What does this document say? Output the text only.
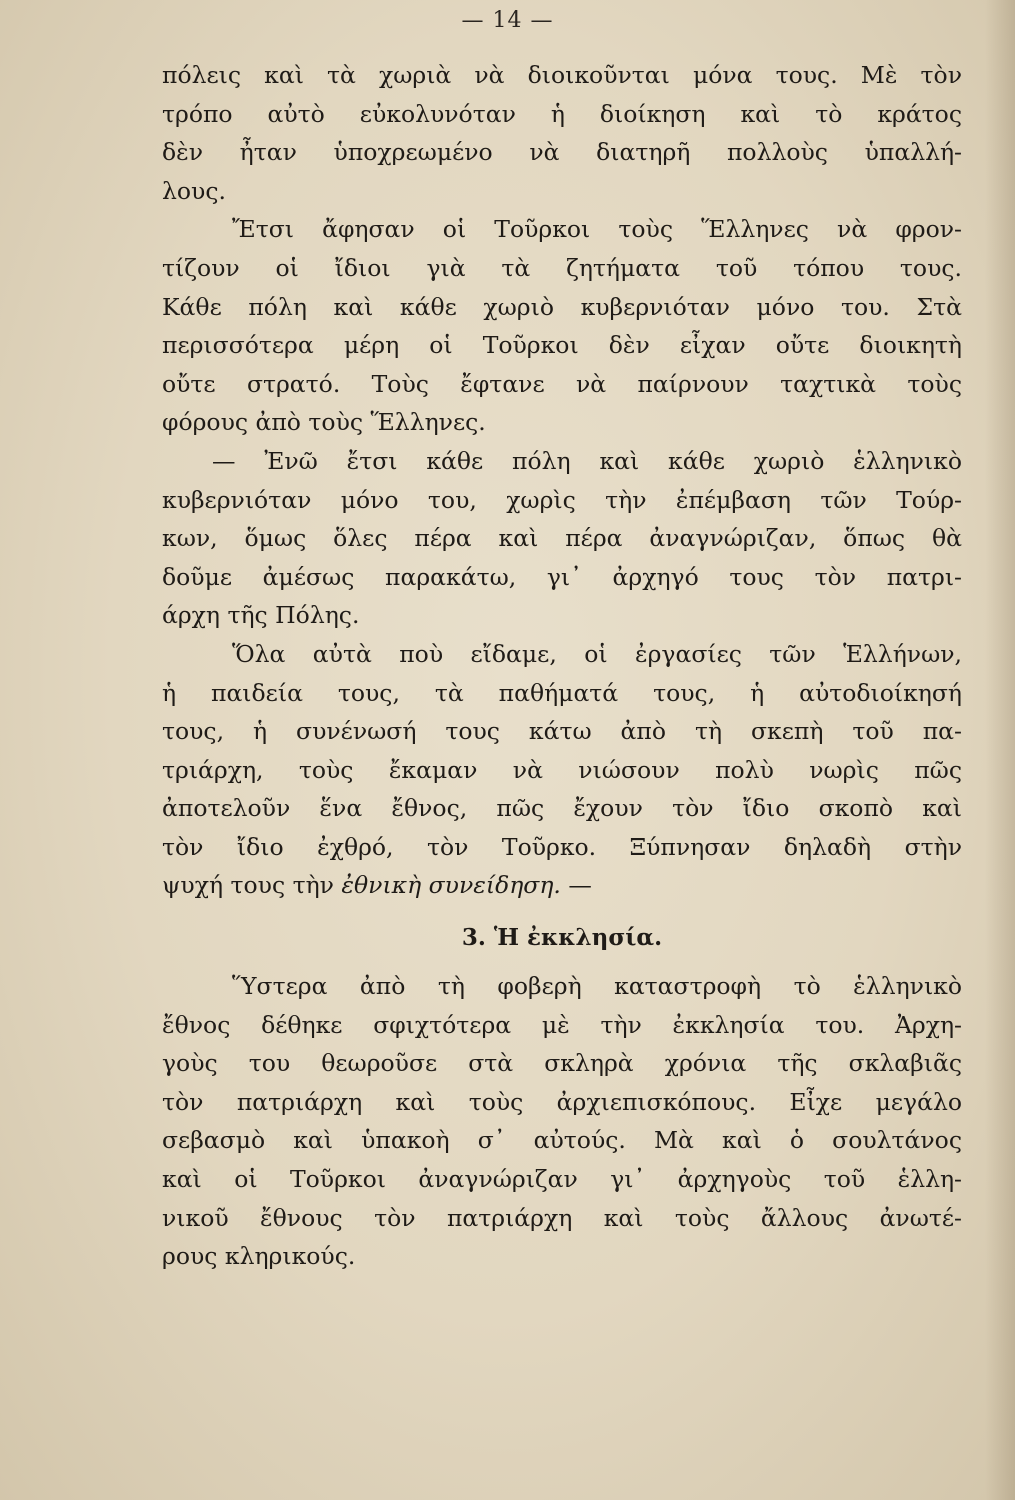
— 14 —
πόλεις καὶ τὰ χωριὰ νὰ διοικοῦνται μόνα τους. Μὲ τὸν
τρόπο αὐτὸ εὐκολυνόταν ἡ διοίκηση καὶ τὸ κράτος
δὲν ἦταν ὑποχρεωμένο νὰ διατηρῆ πολλοὺς ὑπαλλή-
λους.
Ἔτσι ἄφησαν οἱ Τοῦρκοι τοὺς Ἕλληνες νὰ φρον-
τίζουν οἱ ἴδιοι γιὰ τὰ ζητήματα τοῦ τόπου τους.
Κάθε πόλη καὶ κάθε χωριὸ κυβερνιόταν μόνο του. Στὰ
περισσότερα μέρη οἱ Τοῦρκοι δὲν εἶχαν οὔτε διοικητὴ
οὔτε στρατό. Τοὺς ἔφτανε νὰ παίρνουν ταχτικὰ τοὺς
φόρους ἀπὸ τοὺς Ἕλληνες.
— Ἐνῶ ἔτσι κάθε πόλη καὶ κάθε χωριὸ ἑλληνικὸ
κυβερνιόταν μόνο του, χωρὶς τὴν ἐπέμβαση τῶν Τούρ-
κων, ὅμως ὅλες πέρα καὶ πέρα ἀναγνώριζαν, ὅπως θὰ
δοῦμε ἀμέσως παρακάτω, γι᾽ ἀρχηγό τους τὸν πατρι-
άρχη τῆς Πόλης.
Ὅλα αὐτὰ ποὺ εἴδαμε, οἱ ἐργασίες τῶν Ἑλλήνων,
ἡ παιδεία τους, τὰ παθήματά τους, ἡ αὐτοδιοίκησή
τους, ἡ συνένωσή τους κάτω ἀπὸ τὴ σκεπὴ τοῦ πα-
τριάρχη, τοὺς ἔκαμαν νὰ νιώσουν πολὺ νωρὶς πῶς
ἀποτελοῦν ἕνα ἔθνος, πῶς ἔχουν τὸν ἴδιο σκοπὸ καὶ
τὸν ἴδιο ἐχθρό, τὸν Τοῦρκο. Ξύπνησαν δηλαδὴ στὴν
ψυχή τους τὴν ἐθνικὴ συνείδηση. —
3. Ἡ ἐκκλησία.
Ὕστερα ἀπὸ τὴ φοβερὴ καταστροφὴ τὸ ἑλληνικὸ
ἔθνος δέθηκε σφιχτότερα μὲ τὴν ἐκκλησία του. Ἀρχη-
γοὺς του θεωροῦσε στὰ σκληρὰ χρόνια τῆς σκλαβιᾶς
τὸν πατριάρχη καὶ τοὺς ἀρχιεπισκόπους. Εἶχε μεγάλο
σεβασμὸ καὶ ὑπακοὴ σ᾽ αὐτούς. Μὰ καὶ ὁ σουλτάνος
καὶ οἱ Τοῦρκοι ἀναγνώριζαν γι᾽ ἀρχηγοὺς τοῦ ἑλλη-
νικοῦ ἔθνους τὸν πατριάρχη καὶ τοὺς ἄλλους ἀνωτέ-
ρους κληρικούς.
